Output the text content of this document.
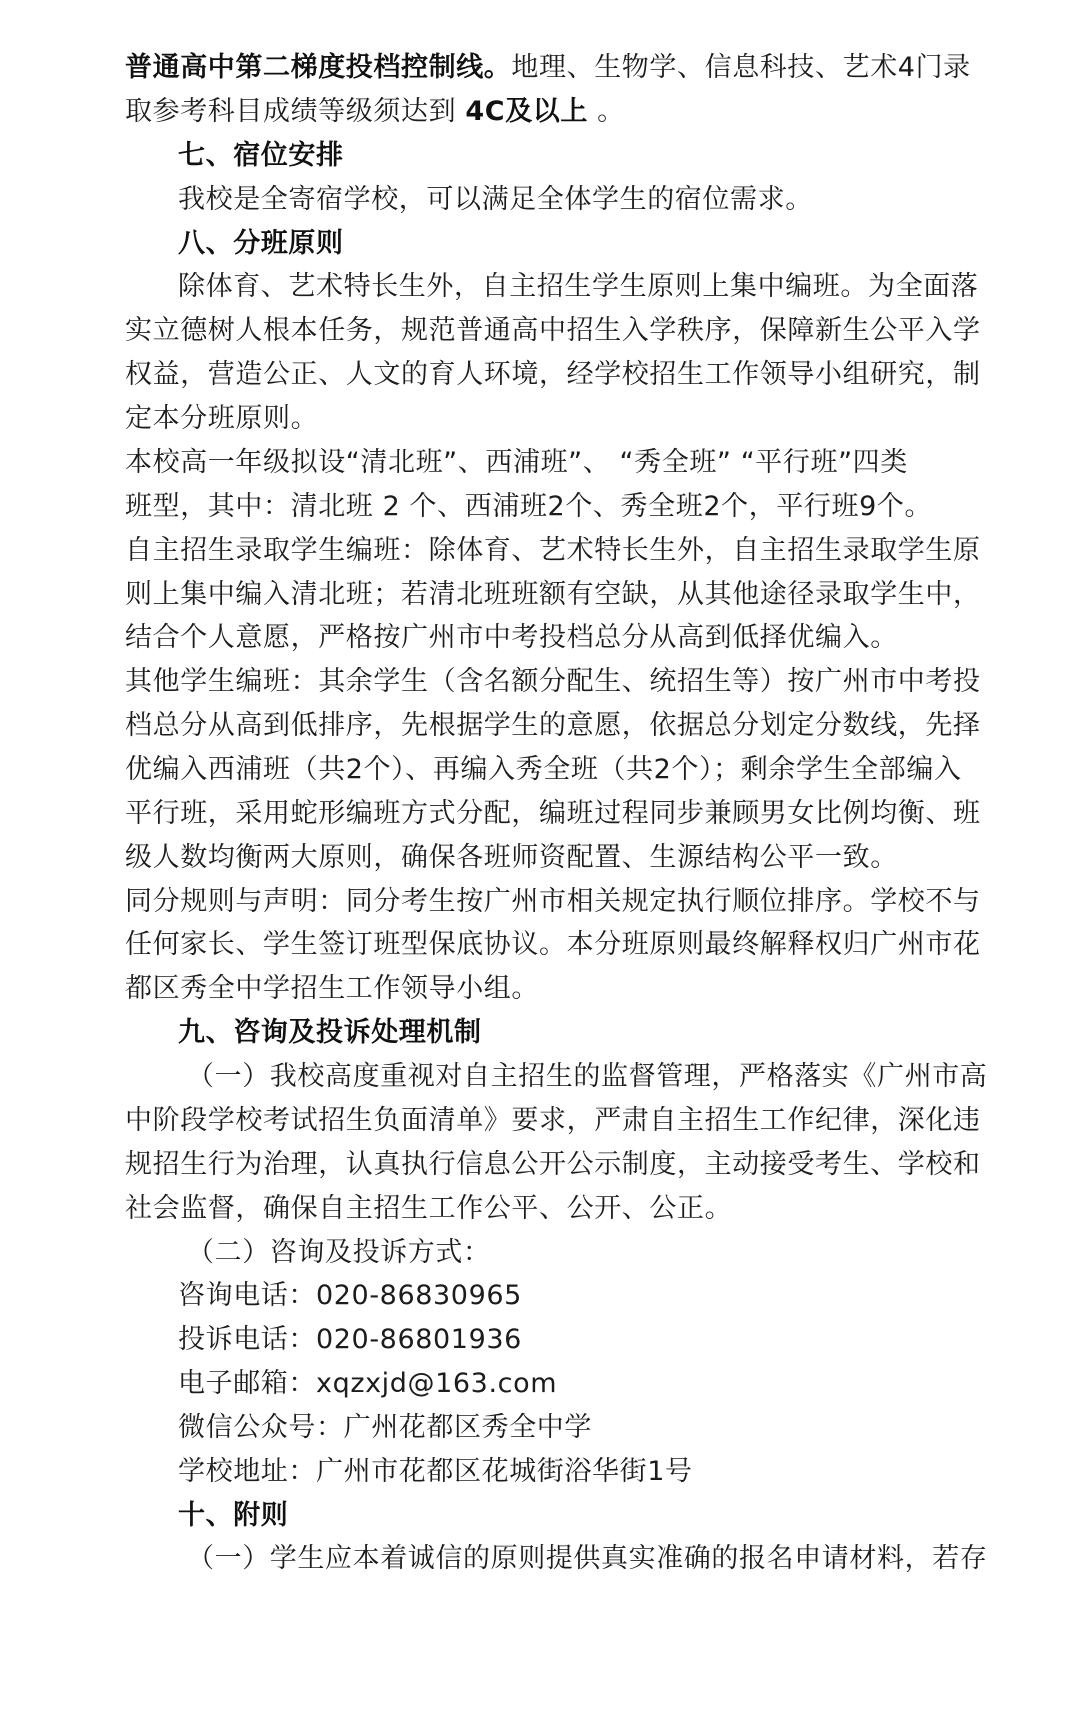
普通高中第二梯度投档控制线。地理、生物学、信息科技、艺术4门录

取参考科目成绩等级须达到 4C及以上 。

七、宿位安排

我校是全寄宿学校，可以满足全体学生的宿位需求。

八、分班原则

除体育、艺术特长生外，自主招生学生原则上集中编班。为全面落

实立德树人根本任务，规范普通高中招生入学秩序，保障新生公平入学

权益，营造公正、人文的育人环境，经学校招生工作领导小组研究，制

定本分班原则。

本校高一年级拟设“清北班”、西浦班”、 “秀全班” “平行班”四类

班型，其中：清北班 2 个、西浦班2个、秀全班2个，平行班9个。

自主招生录取学生编班：除体育、艺术特长生外，自主招生录取学生原

则上集中编入清北班；若清北班班额有空缺，从其他途径录取学生中，

结合个人意愿，严格按广州市中考投档总分从高到低择优编入。

其他学生编班：其余学生（含名额分配生、统招生等）按广州市中考投

档总分从高到低排序，先根据学生的意愿，依据总分划定分数线，先择

优编入西浦班（共2个）、再编入秀全班（共2个）；剩余学生全部编入

平行班，采用蛇形编班方式分配，编班过程同步兼顾男女比例均衡、班

级人数均衡两大原则，确保各班师资配置、生源结构公平一致。

同分规则与声明：同分考生按广州市相关规定执行顺位排序。学校不与

任何家长、学生签订班型保底协议。本分班原则最终解释权归广州市花

都区秀全中学招生工作领导小组。

九、咨询及投诉处理机制

（一）我校高度重视对自主招生的监督管理，严格落实《广州市高

中阶段学校考试招生负面清单》要求，严肃自主招生工作纪律，深化违

规招生行为治理，认真执行信息公开公示制度，主动接受考生、学校和

社会监督，确保自主招生工作公平、公开、公正。

（二）咨询及投诉方式：

咨询电话：020-86830965

投诉电话：020-86801936

电子邮箱：xqzxjd@163.com

微信公众号：广州花都区秀全中学

学校地址：广州市花都区花城街浴华街1号

十、附则

（一）学生应本着诚信的原则提供真实准确的报名申请材料，若存
